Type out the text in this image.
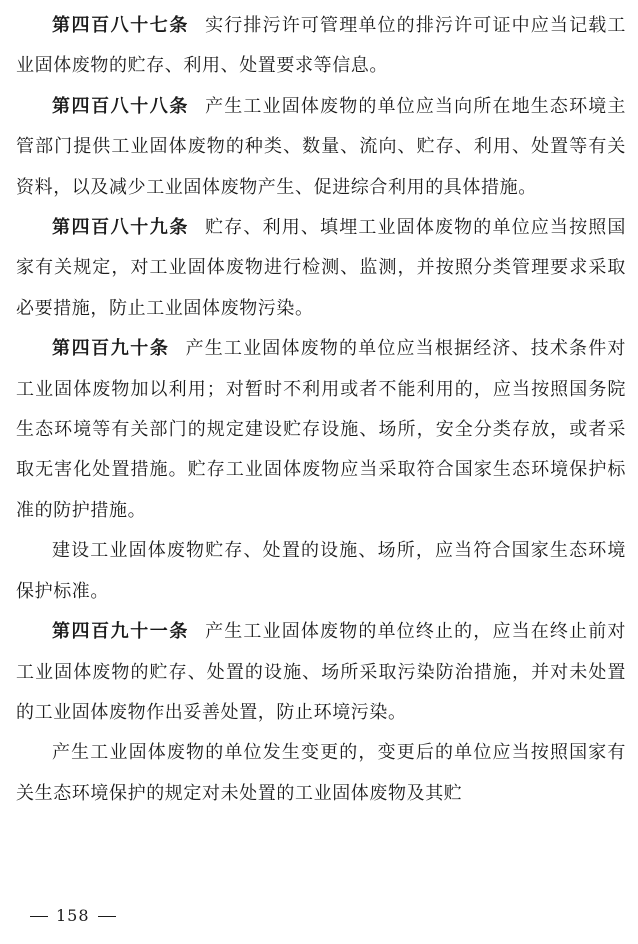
第四百八十七条 实行排污许可管理单位的排污许可证中应当记载工业固体废物的贮存、利用、处置要求等信息。

第四百八十八条 产生工业固体废物的单位应当向所在地生态环境主管部门提供工业固体废物的种类、数量、流向、贮存、利用、处置等有关资料，以及减少工业固体废物产生、促进综合利用的具体措施。

第四百八十九条 贮存、利用、填埋工业固体废物的单位应当按照国家有关规定，对工业固体废物进行检测、监测，并按照分类管理要求采取必要措施，防止工业固体废物污染。

第四百九十条 产生工业固体废物的单位应当根据经济、技术条件对工业固体废物加以利用；对暂时不利用或者不能利用的，应当按照国务院生态环境等有关部门的规定建设贮存设施、场所，安全分类存放，或者采取无害化处置措施。贮存工业固体废物应当采取符合国家生态环境保护标准的防护措施。

建设工业固体废物贮存、处置的设施、场所，应当符合国家生态环境保护标准。

第四百九十一条 产生工业固体废物的单位终止的，应当在终止前对工业固体废物的贮存、处置的设施、场所采取污染防治措施，并对未处置的工业固体废物作出妥善处置，防止环境污染。

产生工业固体废物的单位发生变更的，变更后的单位应当按照国家有关生态环境保护的规定对未处置的工业固体废物及其贮

158
